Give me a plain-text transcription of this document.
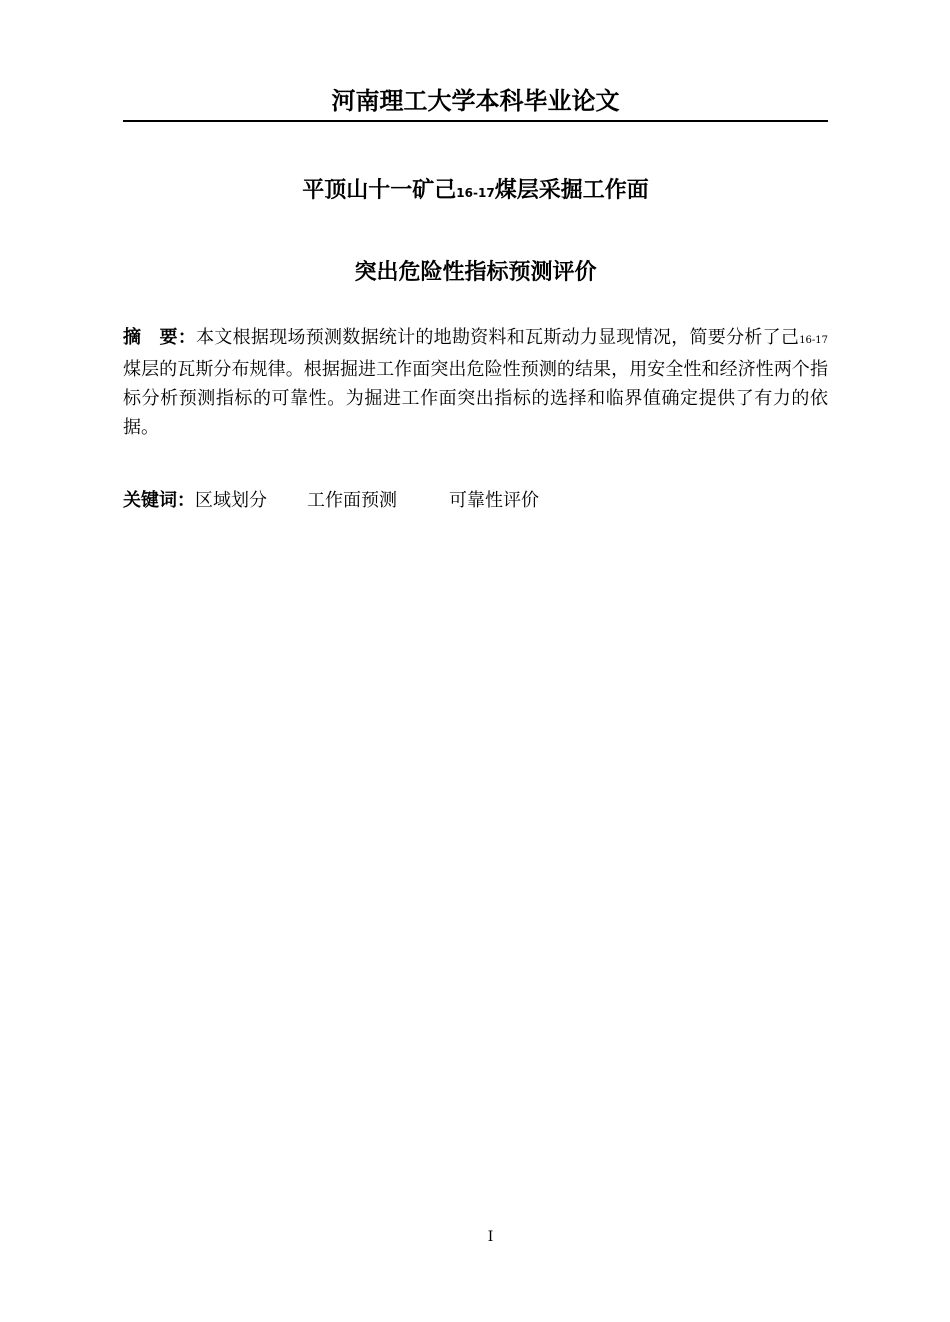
河南理工大学本科毕业论文
平顶山十一矿己16-17煤层采掘工作面
突出危险性指标预测评价
摘　要：本文根据现场预测数据统计的地勘资料和瓦斯动力显现情况，简要分析了己16-17煤层的瓦斯分布规律。根据掘进工作面突出危险性预测的结果，用安全性和经济性两个指标分析预测指标的可靠性。为掘进工作面突出指标的选择和临界值确定提供了有力的依据。
关键词：区域划分 工作面预测	可靠性评价
I
